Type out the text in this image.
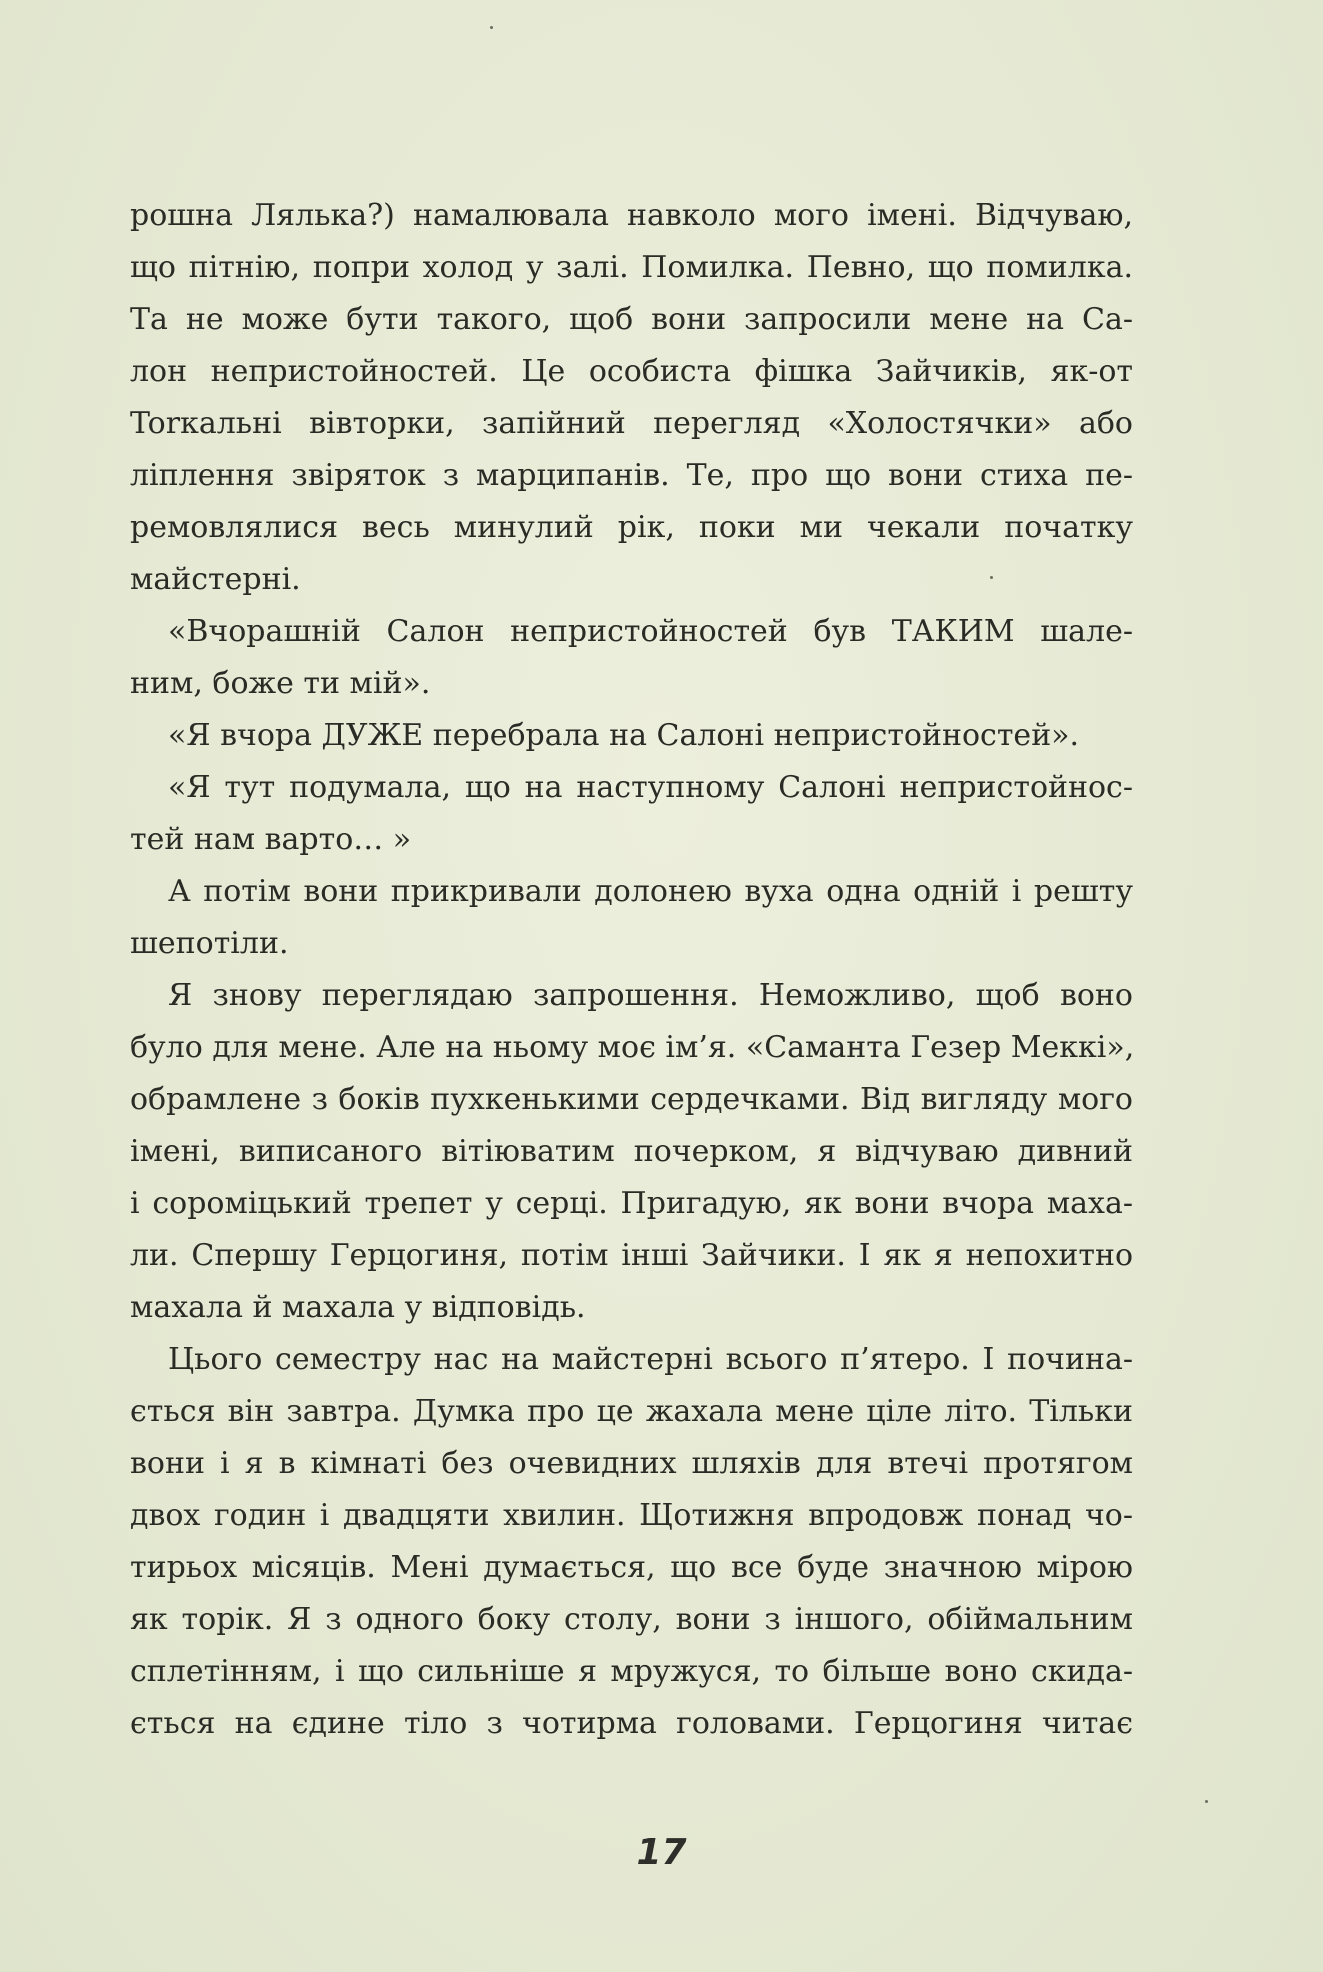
рошна Лялька?) намалювала навколо мого імені. Відчуваю,
що пітнію, попри холод у залі. Помилка. Певно, що помилка.
Та не може бути такого, щоб вони запросили мене на Са-
лон непристойностей. Це особиста фішка Зайчиків, як-от
Torкальні вівторки, запійний перегляд «Холостячки» або
ліплення звіряток з марципанів. Те, про що вони стиха пе-
ремовлялися весь минулий рік, поки ми чекали початку
майстерні.
«Вчорашній Салон непристойностей був ТАКИМ шале-
ним, боже ти мій».
«Я вчора ДУЖЕ перебрала на Салоні непристойностей».
«Я тут подумала, що на наступному Салоні непристойнос-
тей нам варто… »
А потім вони прикривали долонею вуха одна одній і решту
шепотіли.
Я знову переглядаю запрошення. Неможливо, щоб воно
було для мене. Але на ньому моє ім’я. «Саманта Гезер Меккі»,
обрамлене з боків пухкенькими сердечками. Від вигляду мого
імені, виписаного вітіюватим почерком, я відчуваю дивний
і сороміцький трепет у серці. Пригадую, як вони вчора маха-
ли. Спершу Герцогиня, потім інші Зайчики. І як я непохитно
махала й махала у відповідь.
Цього семестру нас на майстерні всього п’ятеро. І почина-
ється він завтра. Думка про це жахала мене ціле літо. Тільки
вони і я в кімнаті без очевидних шляхів для втечі протягом
двох годин і двадцяти хвилин. Щотижня впродовж понад чо-
тирьох місяців. Мені думається, що все буде значною мірою
як торік. Я з одного боку столу, вони з іншого, обіймальним
сплетінням, і що сильніше я мружуся, то більше воно скида-
ється на єдине тіло з чотирма головами. Герцогиня читає
17
